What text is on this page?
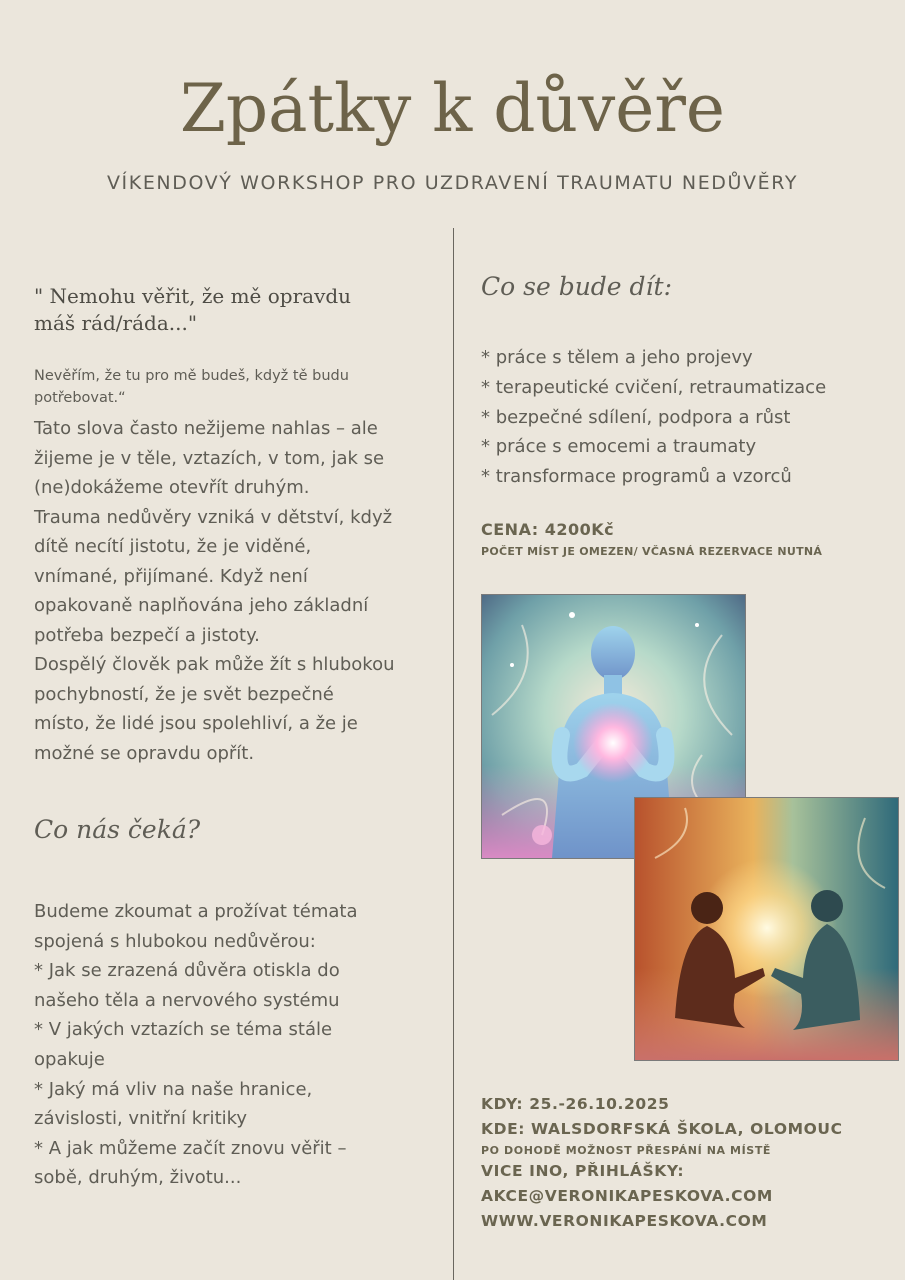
Zpátky k důvěře
VÍKENDOVÝ WORKSHOP PRO UZDRAVENÍ TRAUMATU NEDŮVĚRY
" Nemohu věřit, že mě opravdu
máš rád/ráda..."
Nevěřím, že tu pro mě budeš, když tě budu
potřebovat.“
Tato slova často nežijeme nahlas – ale
žijeme je v těle, vztazích, v tom, jak se
(ne)dokážeme otevřít druhým.
Trauma nedůvěry vzniká v dětství, když
dítě necítí jistotu, že je viděné,
vnímané, přijímané. Když není
opakovaně naplňována jeho základní
potřeba bezpečí a jistoty.
Dospělý člověk pak může žít s hlubokou
pochybností, že je svět bezpečné
místo, že lidé jsou spolehliví, a že je
možné se opravdu opřít.
Co nás čeká?
Budeme zkoumat a prožívat témata
spojená s hlubokou nedůvěrou:
* Jak se zrazená důvěra otiskla do
našeho těla a nervového systému
* V jakých vztazích se téma stále
opakuje
* Jaký má vliv na naše hranice,
závislosti, vnitřní kritiky
* A jak můžeme začít znovu věřit –
sobě, druhým, životu...
Co se bude dít:
* práce s tělem a jeho projevy
* terapeutické cvičení, retraumatizace
* bezpečné sdílení, podpora a růst
* práce s emocemi a traumaty
* transformace programů a vzorců
CENA: 4200Kč
POČET MÍST JE OMEZEN/ VČASNÁ REZERVACE NUTNÁ
KDY: 25.-26.10.2025
KDE: WALSDORFSKÁ ŠKOLA, OLOMOUC
PO DOHODĚ MOŽNOST PŘESPÁNÍ NA MÍSTĚ
VICE INO, PŘIHLÁŠKY:
AKCE@VERONIKAPESKOVA.COM
WWW.VERONIKAPESKOVA.COM
